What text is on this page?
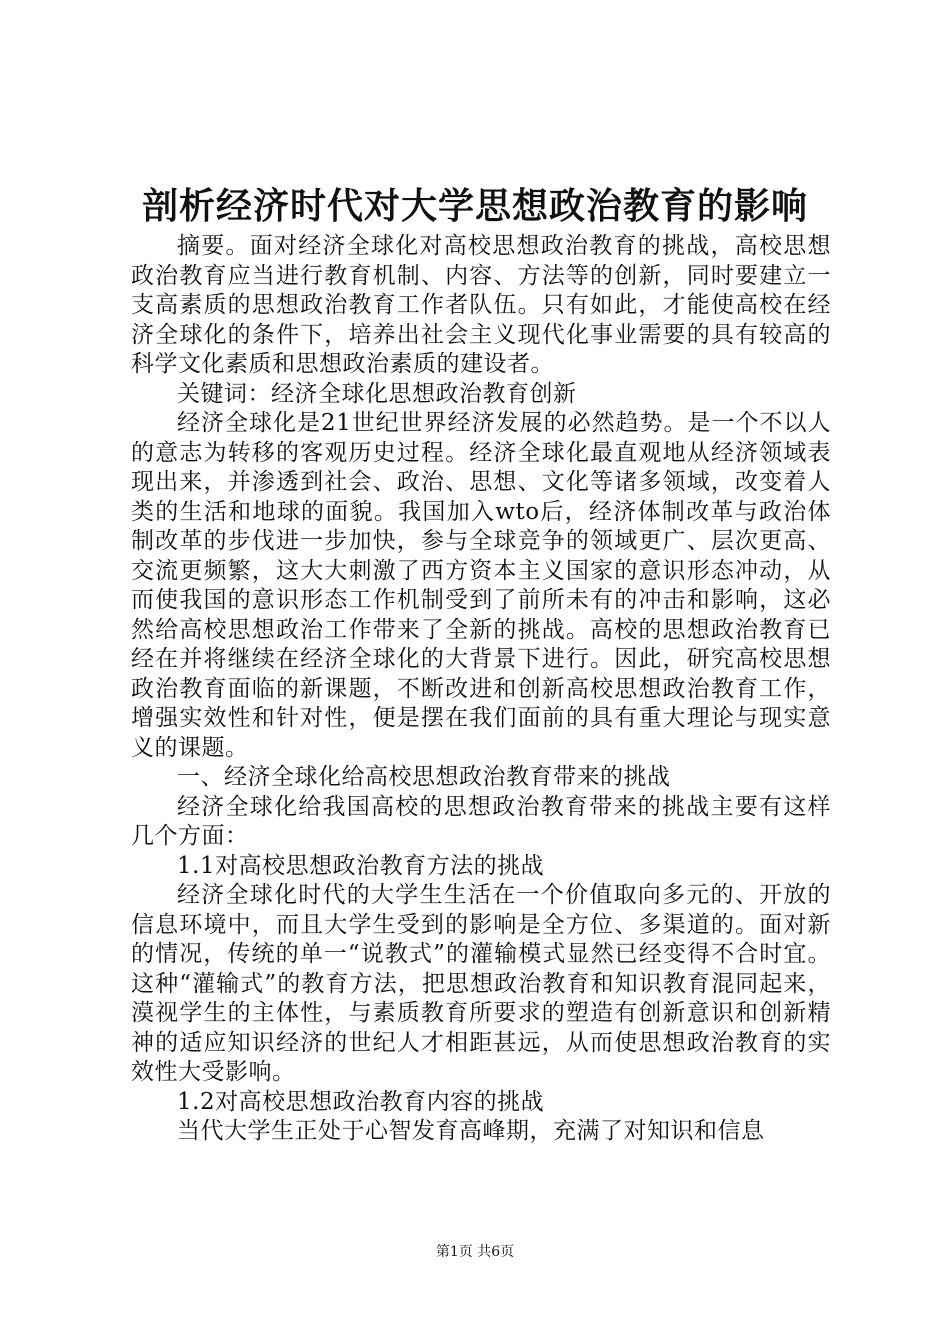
剖析经济时代对大学思想政治教育的影响

摘要。面对经济全球化对高校思想政治教育的挑战，高校思想政治教育应当进行教育机制、内容、方法等的创新，同时要建立一支高素质的思想政治教育工作者队伍。只有如此，才能使高校在经济全球化的条件下，培养出社会主义现代化事业需要的具有较高的科学文化素质和思想政治素质的建设者。

关键词：经济全球化思想政治教育创新

经济全球化是21世纪世界经济发展的必然趋势。是一个不以人的意志为转移的客观历史过程。经济全球化最直观地从经济领域表现出来，并渗透到社会、政治、思想、文化等诸多领域，改变着人类的生活和地球的面貌。我国加入wto后，经济体制改革与政治体制改革的步伐进一步加快，参与全球竞争的领域更广、层次更高、交流更频繁，这大大刺激了西方资本主义国家的意识形态冲动，从而使我国的意识形态工作机制受到了前所未有的冲击和影响，这必然给高校思想政治工作带来了全新的挑战。高校的思想政治教育已经在并将继续在经济全球化的大背景下进行。因此，研究高校思想政治教育面临的新课题，不断改进和创新高校思想政治教育工作，增强实效性和针对性，便是摆在我们面前的具有重大理论与现实意义的课题。

一、经济全球化给高校思想政治教育带来的挑战

经济全球化给我国高校的思想政治教育带来的挑战主要有这样几个方面：

1.1对高校思想政治教育方法的挑战

经济全球化时代的大学生生活在一个价值取向多元的、开放的信息环境中，而且大学生受到的影响是全方位、多渠道的。面对新的情况，传统的单一“说教式”的灌输模式显然已经变得不合时宜。这种“灌输式”的教育方法，把思想政治教育和知识教育混同起来，漠视学生的主体性，与素质教育所要求的塑造有创新意识和创新精神的适应知识经济的世纪人才相距甚远，从而使思想政治教育的实效性大受影响。

1.2对高校思想政治教育内容的挑战

当代大学生正处于心智发育高峰期，充满了对知识和信息

第1页 共6页
